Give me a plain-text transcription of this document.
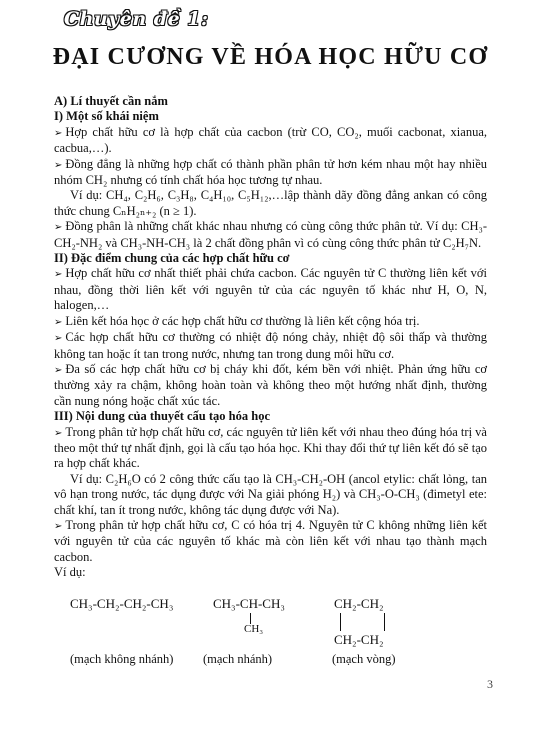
Chuyên đề 1:
ĐẠI CƯƠNG VỀ HÓA HỌC HỮU CƠ

A) Lí thuyết cần nắm

I) Một số khái niệm

➢ Hợp chất hữu cơ là hợp chất của cacbon (trừ CO, CO₂, muối cacbonat, xianua, cacbua,…).

➢ Đồng đẳng là những hợp chất có thành phần phân tử hơn kém nhau một hay nhiều nhóm CH₂ nhưng có tính chất hóa học tương tự nhau.

Ví dụ: CH₄, C₂H₆, C₃H₈, C₄H₁₀, C₅H₁₂,…lập thành dãy đồng đẳng ankan có công thức chung CₙH₂ₙ₊₂ (n ≥ 1).

➢ Đồng phân là những chất khác nhau nhưng có cùng công thức phân tử. Ví dụ: CH₃-CH₂-NH₂ và CH₃-NH-CH₃ là 2 chất đồng phân vì có cùng công thức phân tử C₂H₇N.

II) Đặc điểm chung của các hợp chất hữu cơ

➢ Hợp chất hữu cơ nhất thiết phải chứa cacbon. Các nguyên tử C thường liên kết với nhau, đồng thời liên kết với nguyên tử của các nguyên tố khác như H, O, N, halogen,…

➢ Liên kết hóa học ở các hợp chất hữu cơ thường là liên kết cộng hóa trị.

➢ Các hợp chất hữu cơ thường có nhiệt độ nóng chảy, nhiệt độ sôi thấp và thường không tan hoặc ít tan trong nước, nhưng tan trong dung môi hữu cơ.

➢ Đa số các hợp chất hữu cơ bị cháy khi đốt, kém bền với nhiệt. Phản ứng hữu cơ thường xảy ra chậm, không hoàn toàn và không theo một hướng nhất định, thường cần nung nóng hoặc chất xúc tác.

III) Nội dung của thuyết cấu tạo hóa học

➢ Trong phân tử hợp chất hữu cơ, các nguyên tử liên kết với nhau theo đúng hóa trị và theo một thứ tự nhất định, gọi là cấu tạo hóa học. Khi thay đổi thứ tự liên kết đó sẽ tạo ra hợp chất khác.

Ví dụ: C₂H₆O có 2 công thức cấu tạo là CH₃-CH₂-OH (ancol etylic: chất lỏng, tan vô hạn trong nước, tác dụng được với Na giải phóng H₂) và CH₃-O-CH₃ (đimetyl ete: chất khí, tan ít trong nước, không tác dụng được với Na).

➢ Trong phân tử hợp chất hữu cơ, C có hóa trị 4. Nguyên tử C không những liên kết với nguyên tử của các nguyên tố khác mà còn liên kết với nhau tạo thành mạch cacbon.

Ví dụ:

CH₃-CH₂-CH₂-CH₃	CH₃-CH-CH₃
CH₃
CH₂-CH₂
CH₂-CH₂
(mạch không nhánh) (mạch nhánh)	(mạch vòng)
3
